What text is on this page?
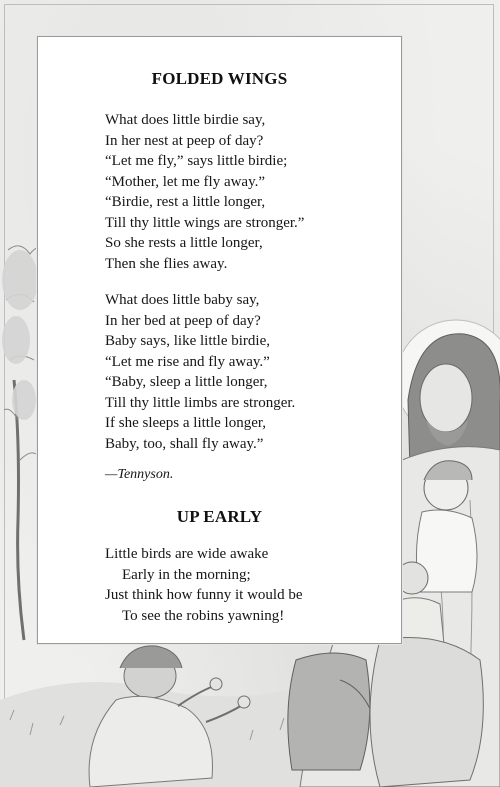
FOLDED WINGS
What does little birdie say,
In her nest at peep of day?
“Let me fly,” says little birdie;
“Mother, let me fly away.”
“Birdie, rest a little longer,
Till thy little wings are stronger.”
So she rests a little longer,
Then she flies away.
What does little baby say,
In her bed at peep of day?
Baby says, like little birdie,
“Let me rise and fly away.”
“Baby, sleep a little longer,
Till thy little limbs are stronger.
If she sleeps a little longer,
Baby, too, shall fly away.”
—Tennyson.
UP EARLY
Little birds are wide awake
Early in the morning;
Just think how funny it would be
To see the robins yawning!
